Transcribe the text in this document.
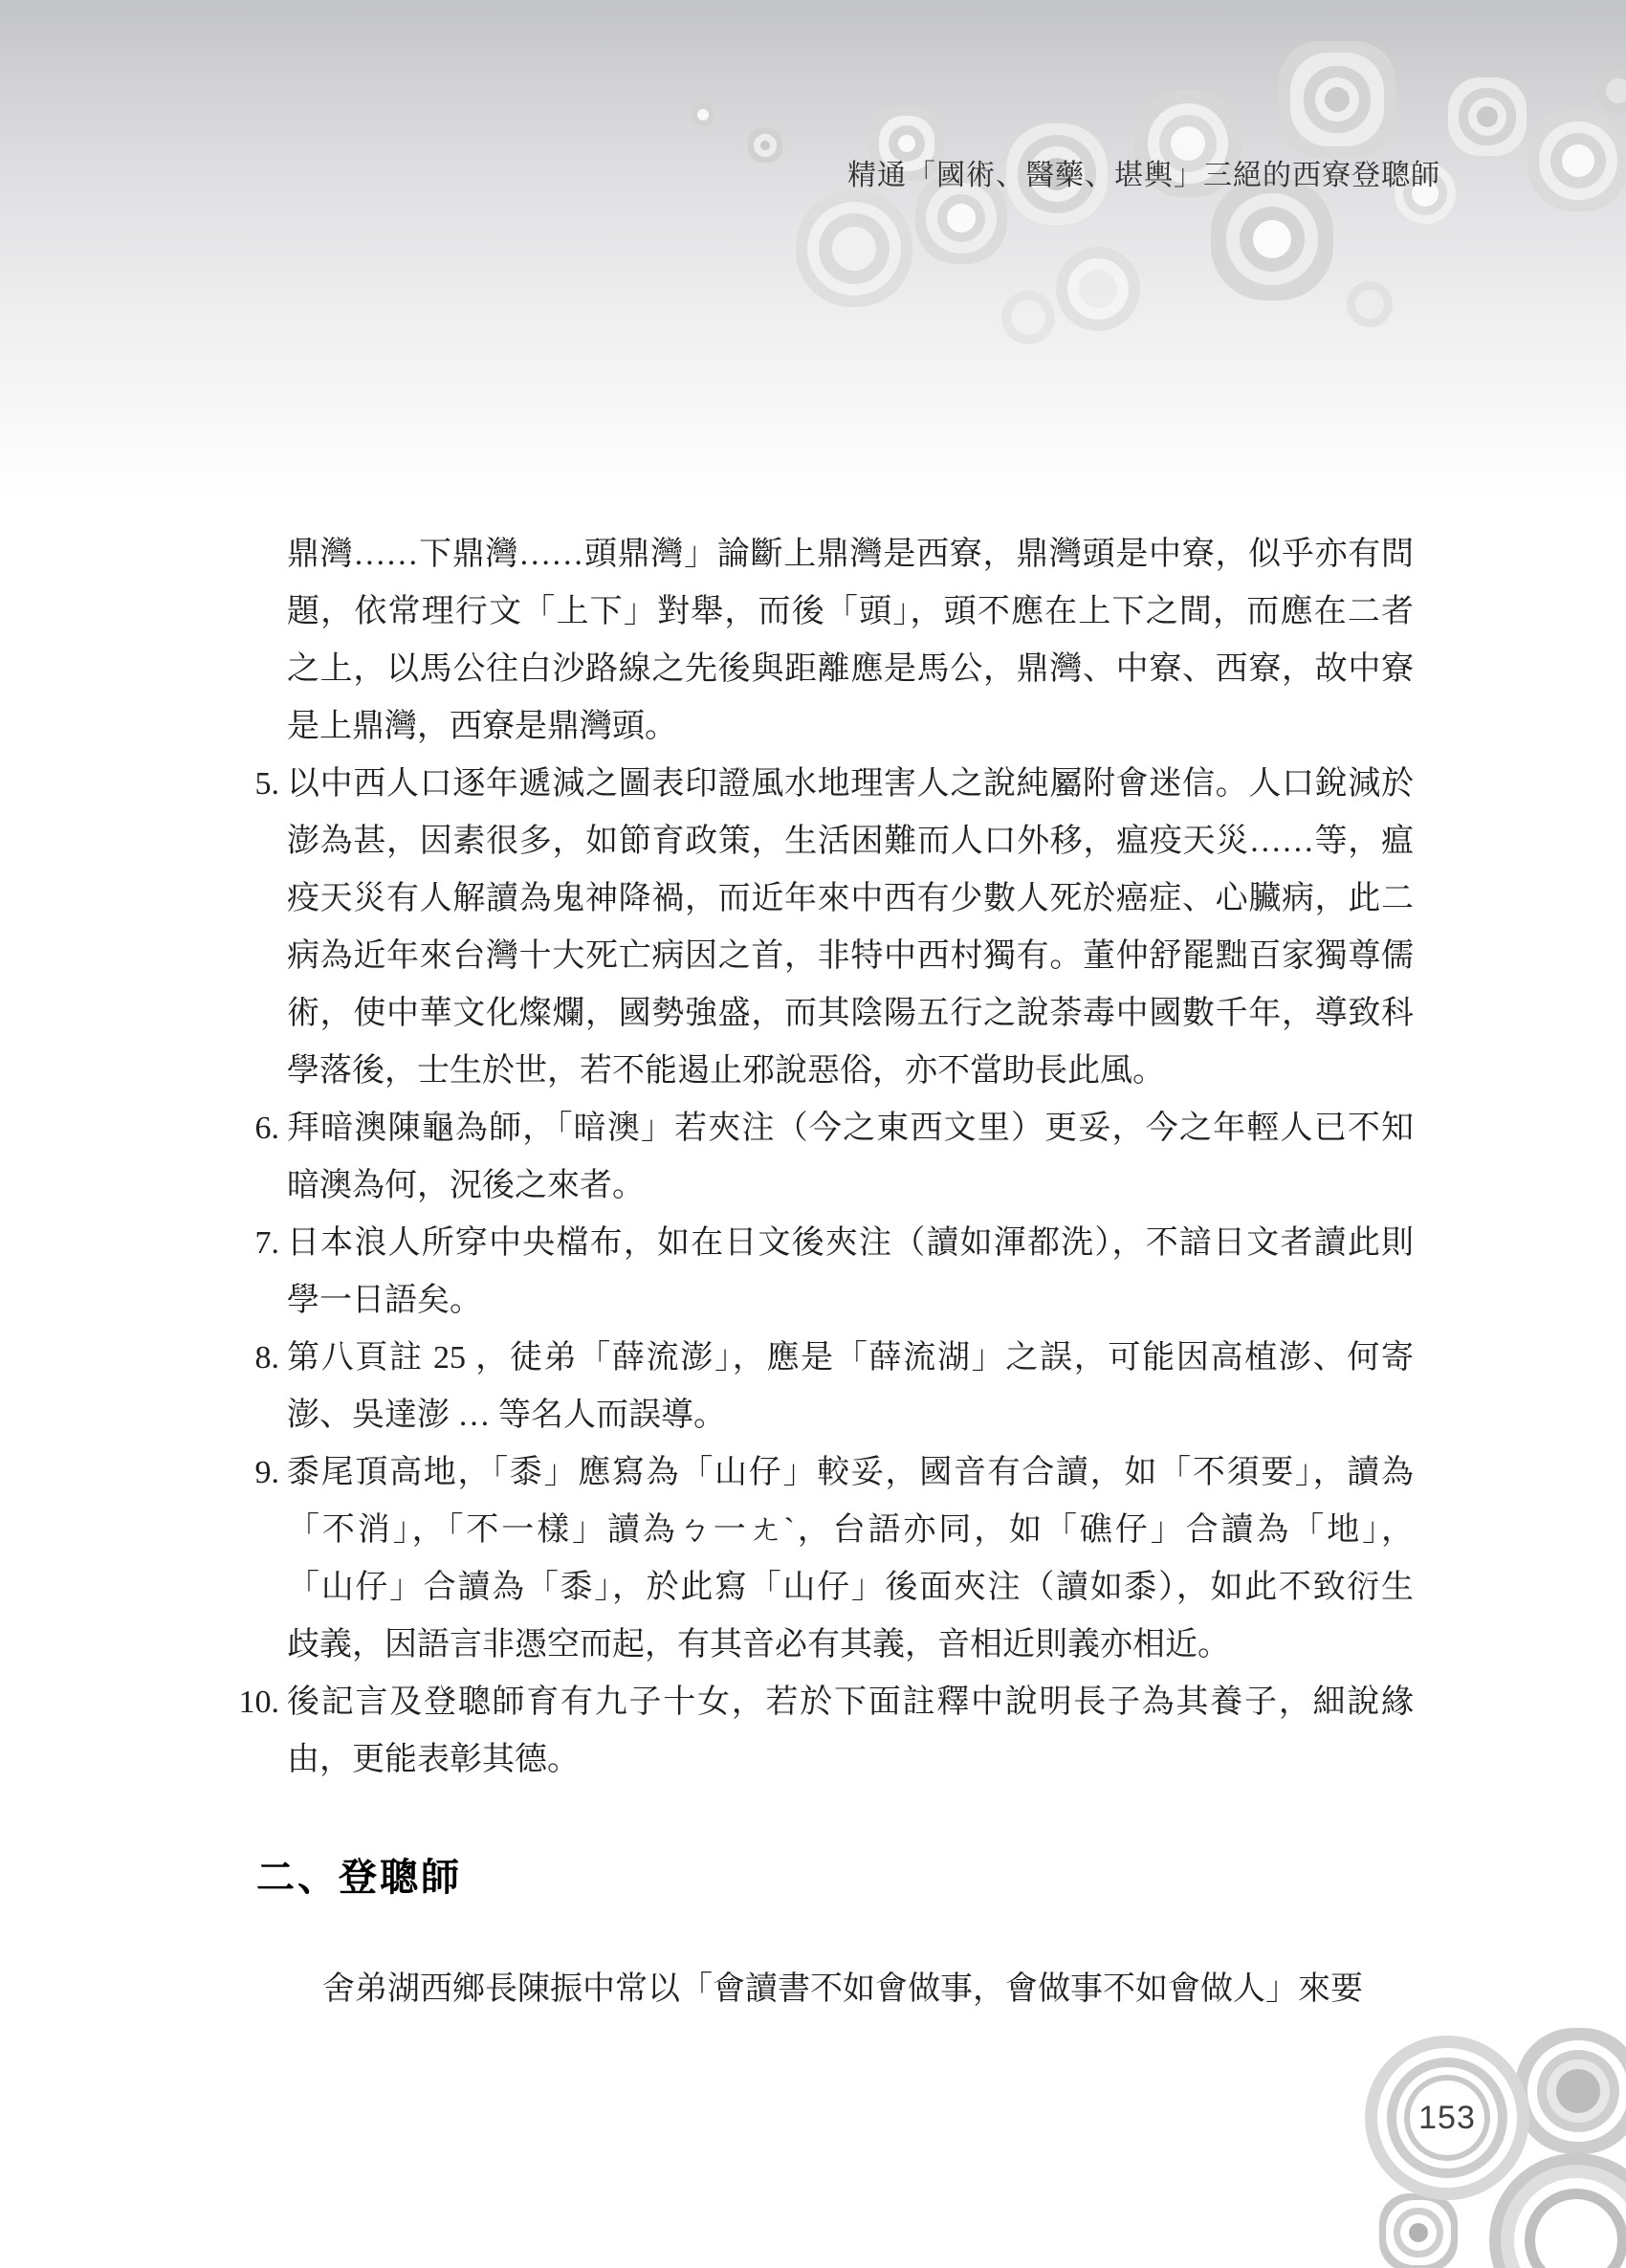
精通「國術、醫藥、堪輿」三絕的西寮登聰師
鼎灣……下鼎灣……頭鼎灣」論斷上鼎灣是西寮，鼎灣頭是中寮，似乎亦有問
題，依常理行文「上下」對舉，而後「頭」，頭不應在上下之間，而應在二者
之上，以馬公往白沙路線之先後與距離應是馬公，鼎灣、中寮、西寮，故中寮
是上鼎灣，西寮是鼎灣頭。
5. 以中西人口逐年遞減之圖表印證風水地理害人之說純屬附會迷信。人口銳減於
澎為甚，因素很多，如節育政策，生活困難而人口外移，瘟疫天災……等，瘟
疫天災有人解讀為鬼神降禍，而近年來中西有少數人死於癌症、心臟病，此二
病為近年來台灣十大死亡病因之首，非特中西村獨有。董仲舒罷黜百家獨尊儒
術，使中華文化燦爛，國勢強盛，而其陰陽五行之說荼毒中國數千年，導致科
學落後，士生於世，若不能遏止邪說惡俗，亦不當助長此風。
6. 拜暗澳陳龜為師，「暗澳」若夾注（今之東西文里）更妥，今之年輕人已不知
暗澳為何，況後之來者。
7. 日本浪人所穿中央檔布，如在日文後夾注（讀如渾都洗），不諳日文者讀此則
學一日語矣。
8. 第八頁註 25 ，徒弟「薛流澎」，應是「薛流湖」之誤，可能因高植澎、何寄
澎、吳達澎 … 等名人而誤導。
9. 黍尾頂高地，「黍」應寫為「山仔」較妥，國音有合讀，如「不須要」，讀為
「不消」，「不一樣」讀為ㄅ一ㄤˋ，台語亦同，如「礁仔」合讀為「地」，
「山仔」合讀為「黍」，於此寫「山仔」後面夾注（讀如黍），如此不致衍生
歧義，因語言非憑空而起，有其音必有其義，音相近則義亦相近。
10. 後記言及登聰師育有九子十女，若於下面註釋中說明長子為其養子，細說緣
由，更能表彰其德。
二、登聰師
舍弟湖西鄉長陳振中常以「會讀書不如會做事，會做事不如會做人」來要
153
